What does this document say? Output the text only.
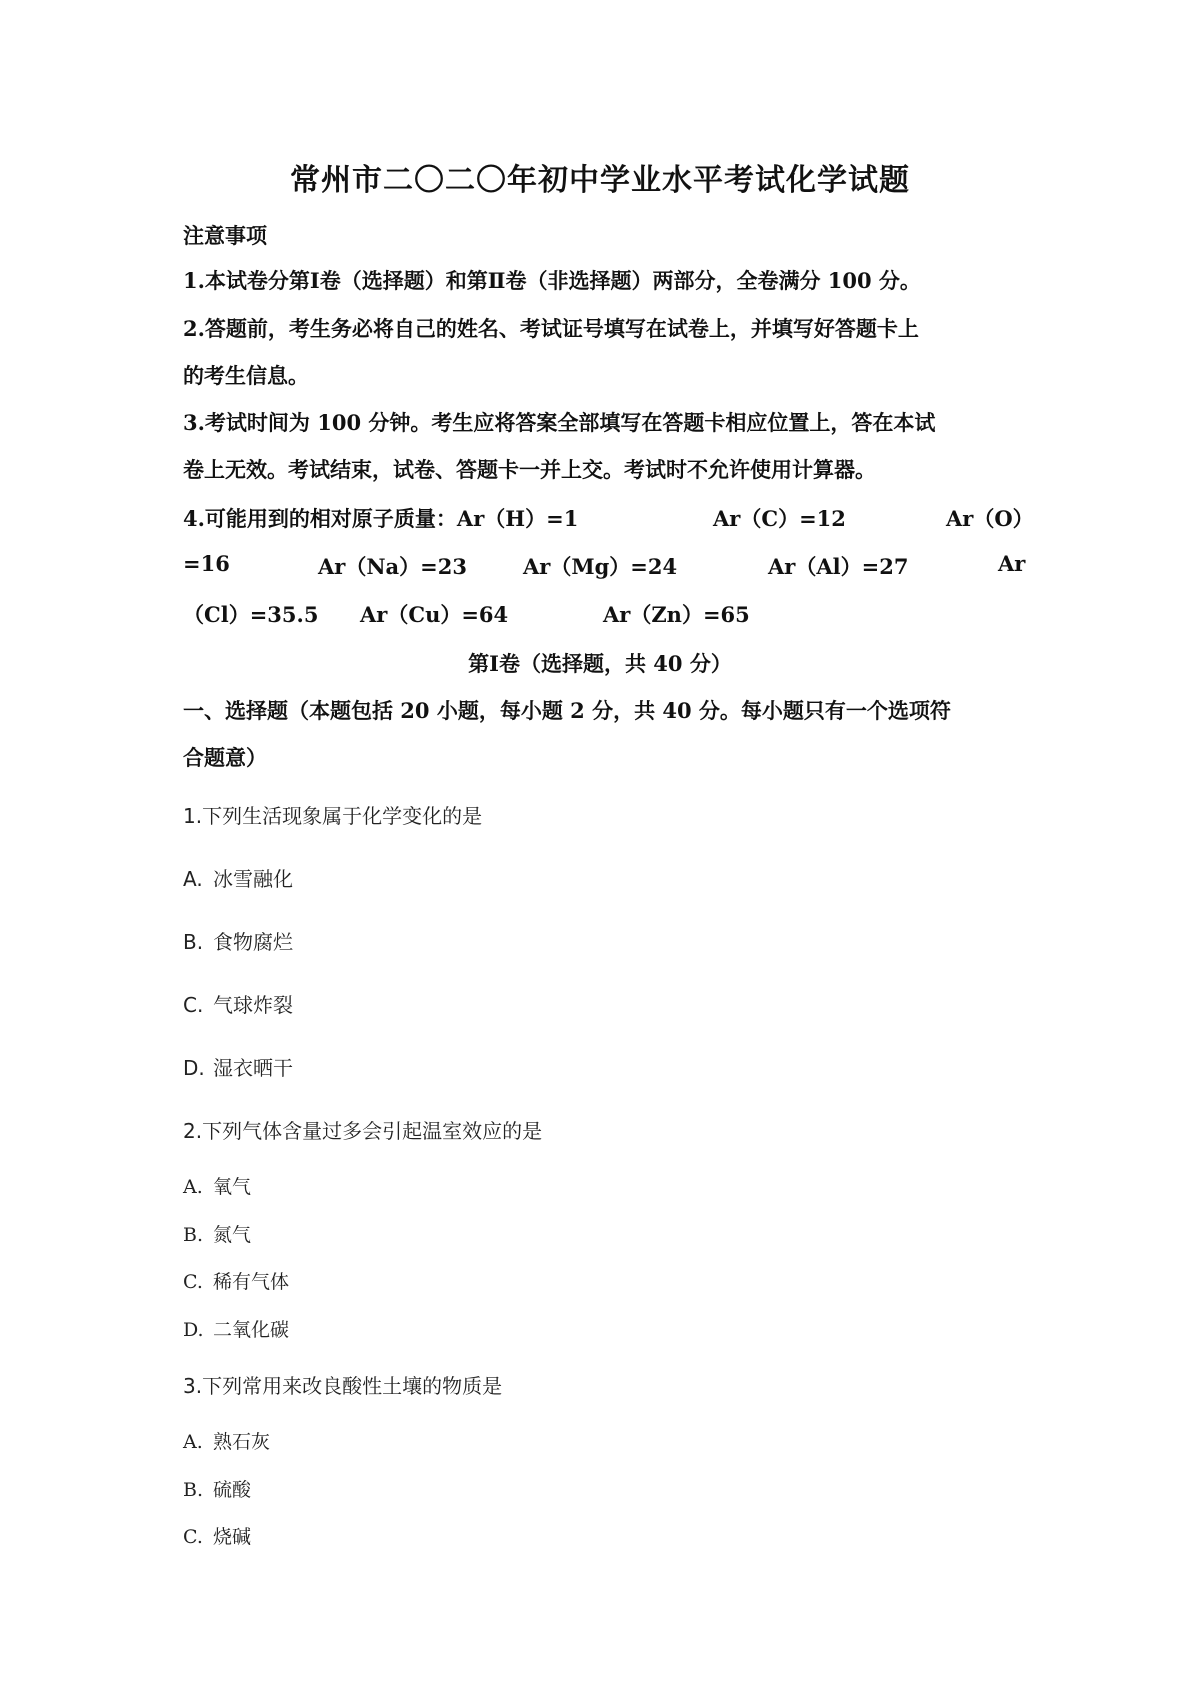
常州市二〇二〇年初中学业水平考试化学试题
注意事项
1.本试卷分第Ⅰ卷（选择题）和第Ⅱ卷（非选择题）两部分，全卷满分 100 分。
2.答题前，考生务必将自己的姓名、考试证号填写在试卷上，并填写好答题卡上
的考生信息。
3.考试时间为 100 分钟。考生应将答案全部填写在答题卡相应位置上，答在本试
卷上无效。考试结束，试卷、答题卡一并上交。考试时不允许使用计算器。
4.可能用到的相对原子质量：Ar（H）=1	Ar（C）=12	Ar（O）
=16	Ar（Na）=23	Ar（Mg）=24	Ar（Al）=27	Ar
（Cl）=35.5 Ar（Cu）=64	Ar（Zn）=65
第Ⅰ卷（选择题，共 40 分）
一、选择题（本题包括 20 小题，每小题 2 分，共 40 分。每小题只有一个选项符
合题意）
1.下列生活现象属于化学变化的是
A. 冰雪融化
B. 食物腐烂
C. 气球炸裂
D. 湿衣晒干
2.下列气体含量过多会引起温室效应的是
A. 氧气
B. 氮气
C. 稀有气体
D. 二氧化碳
3.下列常用来改良酸性土壤的物质是
A. 熟石灰
B. 硫酸
C. 烧碱
